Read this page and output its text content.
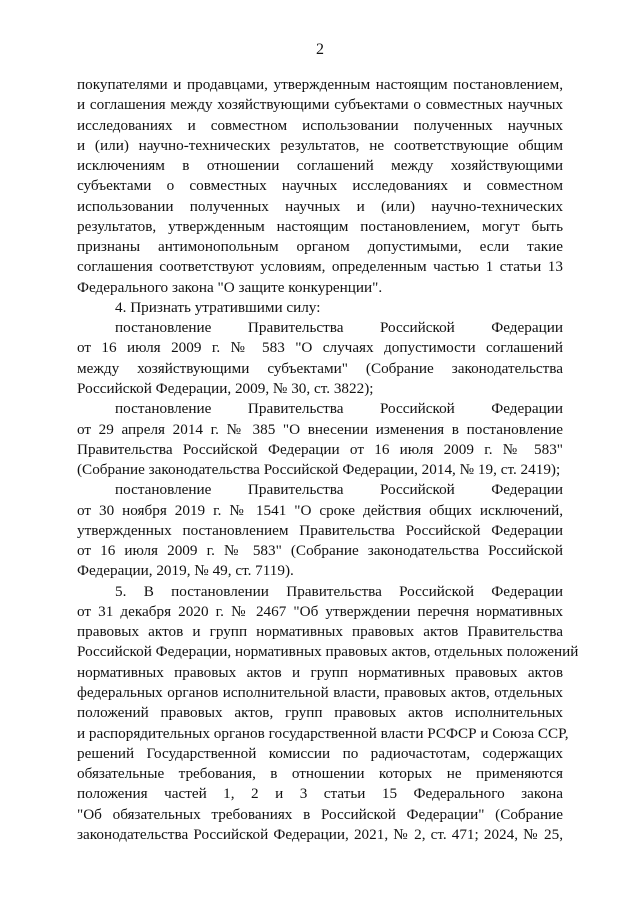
2
покупателями и продавцами, утвержденным настоящим постановлением,
и соглашения между хозяйствующими субъектами о совместных научных
исследованиях и совместном использовании полученных научных
и (или) научно-технических результатов, не соответствующие общим
исключениям в отношении соглашений между хозяйствующими
субъектами о совместных научных исследованиях и совместном
использовании полученных научных и (или) научно-технических
результатов, утвержденным настоящим постановлением, могут быть
признаны антимонопольным органом допустимыми, если такие
соглашения соответствуют условиям, определенным частью 1 статьи 13
Федерального закона "О защите конкуренции".
4. Признать утратившими силу:
постановление Правительства Российской Федерации
от 16 июля 2009 г. № 583 "О случаях допустимости соглашений
между хозяйствующими субъектами" (Собрание законодательства
Российской Федерации, 2009, № 30, ст. 3822);
постановление Правительства Российской Федерации
от 29 апреля 2014 г. № 385 "О внесении изменения в постановление
Правительства Российской Федерации от 16 июля 2009 г. № 583"
(Собрание законодательства Российской Федерации, 2014, № 19, ст. 2419);
постановление Правительства Российской Федерации
от 30 ноября 2019 г. № 1541 "О сроке действия общих исключений,
утвержденных постановлением Правительства Российской Федерации
от 16 июля 2009 г. № 583" (Собрание законодательства Российской
Федерации, 2019, № 49, ст. 7119).
5. В постановлении Правительства Российской Федерации
от 31 декабря 2020 г. № 2467 "Об утверждении перечня нормативных
правовых актов и групп нормативных правовых актов Правительства
Российской Федерации, нормативных правовых актов, отдельных положений
нормативных правовых актов и групп нормативных правовых актов
федеральных органов исполнительной власти, правовых актов, отдельных
положений правовых актов, групп правовых актов исполнительных
и распорядительных органов государственной власти РСФСР и Союза ССР,
решений Государственной комиссии по радиочастотам, содержащих
обязательные требования, в отношении которых не применяются
положения частей 1, 2 и 3 статьи 15 Федерального закона
"Об обязательных требованиях в Российской Федерации" (Собрание
законодательства Российской Федерации, 2021, № 2, ст. 471; 2024, № 25,
